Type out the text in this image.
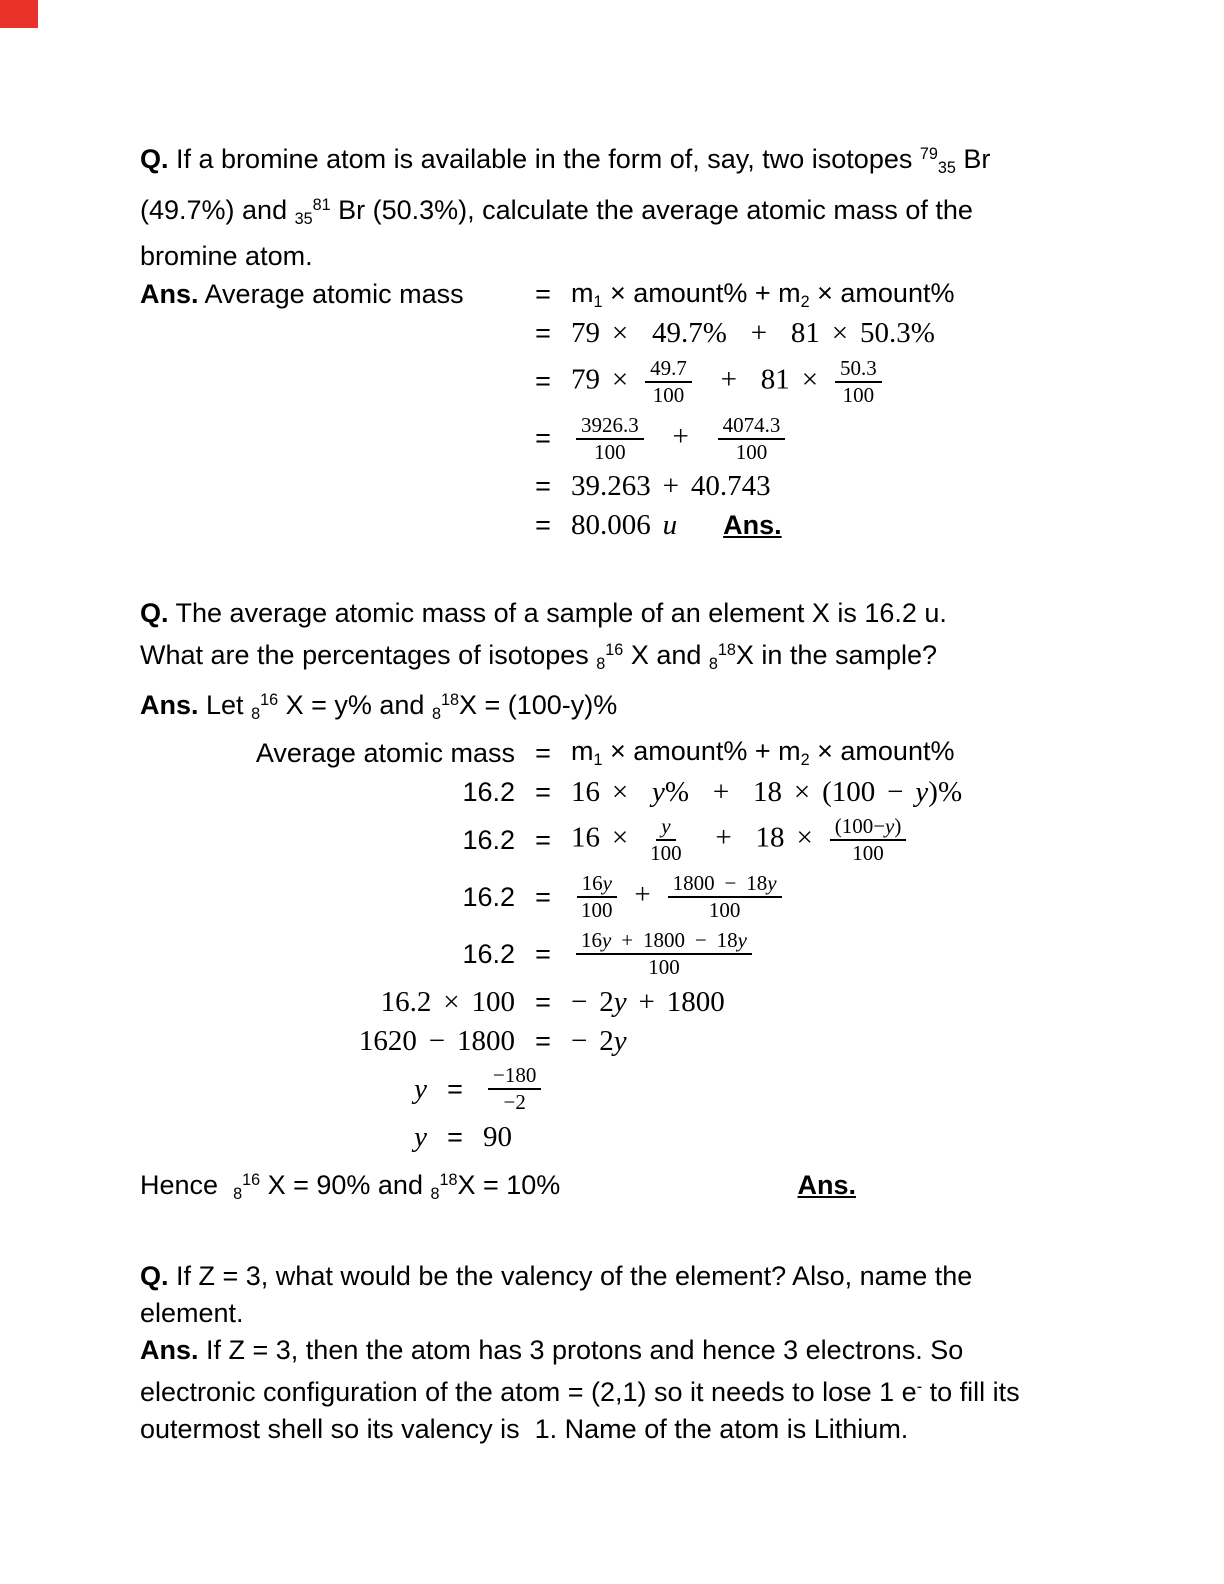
Q. If a bromine atom is available in the form of, say, two isotopes $^{79}_{35}$ Br
(49.7%) and $_{35}^{81}$ Br (50.3%), calculate the average atomic mass of the
bromine atom.
Ans. Average atomic mass	= $m_1$ × amount% + $m_2$ × amount%
= 79 ×  49.7%  +  81 × 50.3%
= $79 \times \frac{49.7}{100} + 81 \times \frac{50.3}{100}$
=	$\frac{3926.3}{100} + \frac{4074.3}{100}$
= 39.263 + 40.743
= 80.006 u Ans.
Q. The average atomic mass of a sample of an element X is 16.2 u.
What are the percentages of isotopes $_8^{16}$ X and $_8^{18}$X in the sample?
Ans. Let $_8^{16}$ X = y% and $_8^{18}$X = (100-y)%
Average atomic mass = $m_1$ × amount% + $m_2$ × amount%
16.2 = 16 ×  y%  +  18 × (100 − y)%
$16.2 = 16 \times \frac{y}{100} + 18 \times \frac{(100-y)}{100}$
16.2 =	$\frac{16y}{100} + \frac{1800 - 18y}{100}$
16.2 =	$\frac{16y + 1800 - 18y}{100}$
16.2 × 100 = − 2y + 1800
1620 − 1800 = − 2y
y =	$\frac{-180}{-2}$
y = 90
Hence  $_8^{16}$ X = 90% and $_8^{18}$X = 10%	Ans.
Q. If Z = 3, what would be the valency of the element? Also, name the
element.
Ans. If Z = 3, then the atom has 3 protons and hence 3 electrons. So
electronic configuration of the atom = (2,1) so it needs to lose 1 e- to fill its
outermost shell so its valency is  1. Name of the atom is Lithium.
